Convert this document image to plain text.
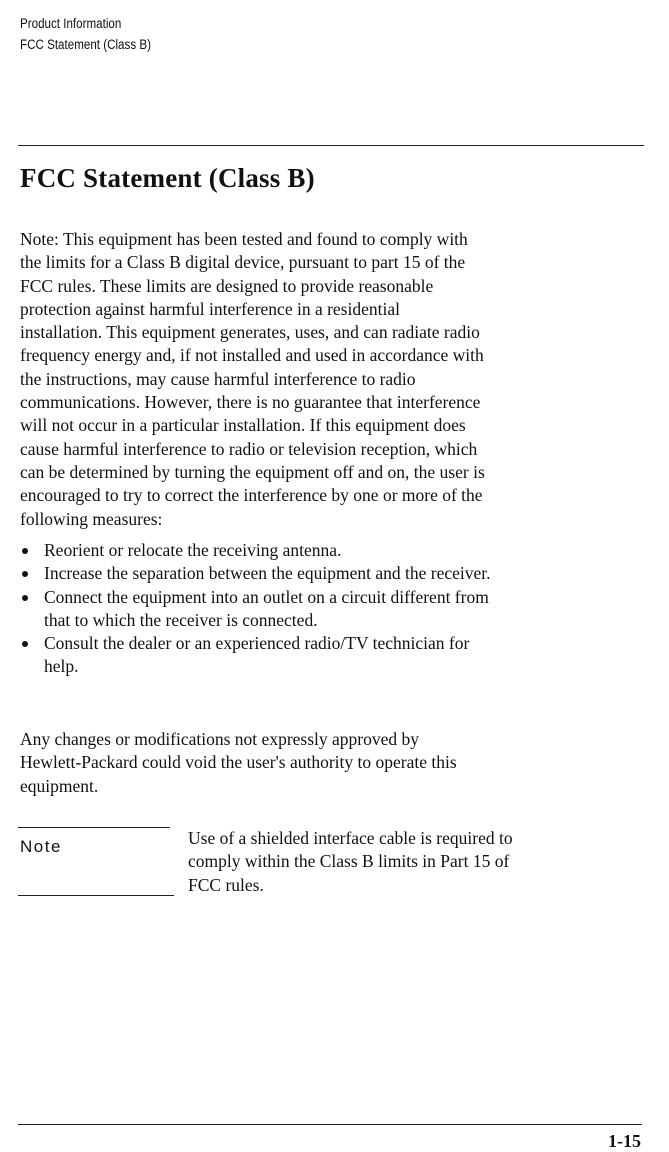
Product Information
FCC Statement (Class B)
FCC Statement (Class B)
Note: This equipment has been tested and found to comply with
the limits for a Class B digital device, pursuant to part 15 of the
FCC rules. These limits are designed to provide reasonable
protection against harmful interference in a residential
installation. This equipment generates, uses, and can radiate radio
frequency energy and, if not installed and used in accordance with
the instructions, may cause harmful interference to radio
communications. However, there is no guarantee that interference
will not occur in a particular installation. If this equipment does
cause harmful interference to radio or television reception, which
can be determined by turning the equipment off and on, the user is
encouraged to try to correct the interference by one or more of the
following measures:
Reorient or relocate the receiving antenna.
Increase the separation between the equipment and the receiver.
Connect the equipment into an outlet on a circuit different from
that to which the receiver is connected.
Consult the dealer or an experienced radio/TV technician for
help.
Any changes or modifications not expressly approved by
Hewlett-Packard could void the user's authority to operate this
equipment.
Note	Use of a shielded interface cable is required to
comply within the Class B limits in Part 15 of
FCC rules.
1-15
